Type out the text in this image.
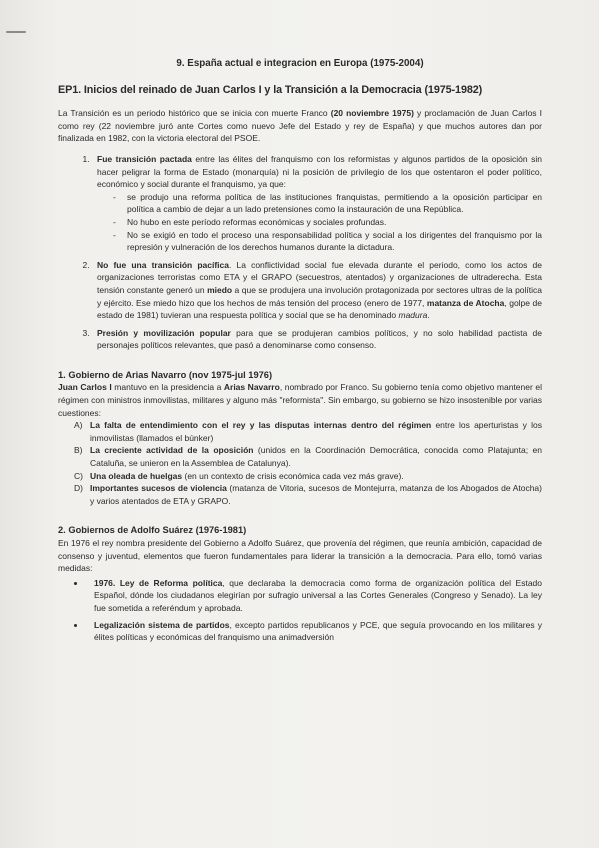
9. España actual e integracion en Europa (1975-2004)
EP1. Inicios del reinado de Juan Carlos I y la Transición a la Democracia (1975-1982)

La Transición es un periodo histórico que se inicia con muerte Franco (20 noviembre 1975) y proclamación de Juan Carlos I como rey (22 noviembre juró ante Cortes como nuevo Jefe del Estado y rey de España) y que muchos autores dan por finalizada en 1982, con la victoria electoral del PSOE.

1. Fue transición pactada entre las élites del franquismo con los reformistas y algunos partidos de la oposición sin hacer peligrar la forma de Estado (monarquía) ni la posición de privilegio de los que ostentaron el poder político, económico y social durante el franquismo, ya que:
- se produjo una reforma política de las instituciones franquistas, permitiendo a la oposición participar en política a cambio de dejar a un lado pretensiones como la instauración de una República.
- No hubo en este período reformas económicas y sociales profundas.
- No se exigió en todo el proceso una responsabilidad política y social a los dirigentes del franquismo por la represión y vulneración de los derechos humanos durante la dictadura.
2. No fue una transición pacífica. La conflictividad social fue elevada durante el periodo, como los actos de organizaciones terroristas como ETA y el GRAPO (secuestros, atentados) y organizaciones de ultraderecha. Esta tensión constante generó un miedo a que se produjera una involución protagonizada por sectores ultras de la política y ejército. Ese miedo hizo que los hechos de más tensión del proceso (enero de 1977, matanza de Atocha, golpe de estado de 1981) tuvieran una respuesta política y social que se ha denominado madura.
3. Presión y movilización popular para que se produjeran cambios políticos, y no solo habilidad pactista de personajes políticos relevantes, que pasó a denominarse como consenso.
1. Gobierno de Arias Navarro (nov 1975-jul 1976)

Juan Carlos I mantuvo en la presidencia a Arias Navarro, nombrado por Franco. Su gobierno tenía como objetivo mantener el régimen con ministros inmovilistas, militares y alguno más "reformista". Sin embargo, su gobierno se hizo insostenible por varias cuestiones:

A) La falta de entendimiento con el rey y las disputas internas dentro del régimen entre los aperturistas y los inmovilistas (llamados el búnker)
B) La creciente actividad de la oposición (unidos en la Coordinación Democrática, conocida como Platajunta; en Cataluña, se unieron en la Assemblea de Catalunya).
C) Una oleada de huelgas (en un contexto de crisis económica cada vez más grave).
D) Importantes sucesos de violencia (matanza de Vitoria, sucesos de Montejurra, matanza de los Abogados de Atocha) y varios atentados de ETA y GRAPO.
2. Gobiernos de Adolfo Suárez (1976-1981)

En 1976 el rey nombra presidente del Gobierno a Adolfo Suárez, que provenía del régimen, que reunía ambición, capacidad de consenso y juventud, elementos que fueron fundamentales para liderar la transición a la democracia. Para ello, tomó varias medidas:

• 1976. Ley de Reforma política, que declaraba la democracia como forma de organización política del Estado Español, dónde los ciudadanos elegirían por sufragio universal a las Cortes Generales (Congreso y Senado). La ley fue sometida a referéndum y aprobada.
• Legalización sistema de partidos, excepto partidos republicanos y PCE, que seguía provocando en los militares y élites políticas y económicas del franquismo una animadversión
